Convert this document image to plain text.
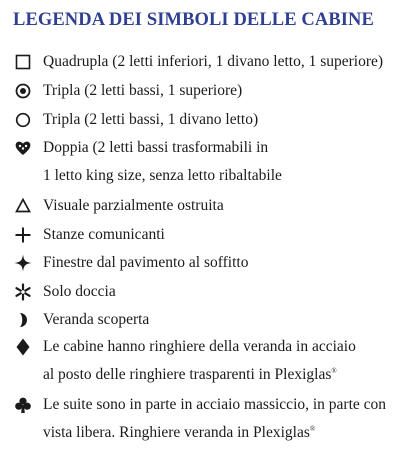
LEGENDA DEI SIMBOLI DELLE CABINE
Quadrupla (2 letti inferiori, 1 divano letto, 1 superiore)
Tripla (2 letti bassi, 1 superiore)
Tripla (2 letti bassi, 1 divano letto)
Doppia (2 letti bassi trasformabili in
1 letto king size, senza letto ribaltabile
Visuale parzialmente ostruita
Stanze comunicanti
Finestre dal pavimento al soffitto
Solo doccia
Veranda scoperta
Le cabine hanno ringhiere della veranda in acciaio
al posto delle ringhiere trasparenti in Plexiglas®
Le suite sono in parte in acciaio massiccio, in parte con
vista libera. Ringhiere veranda in Plexiglas®
